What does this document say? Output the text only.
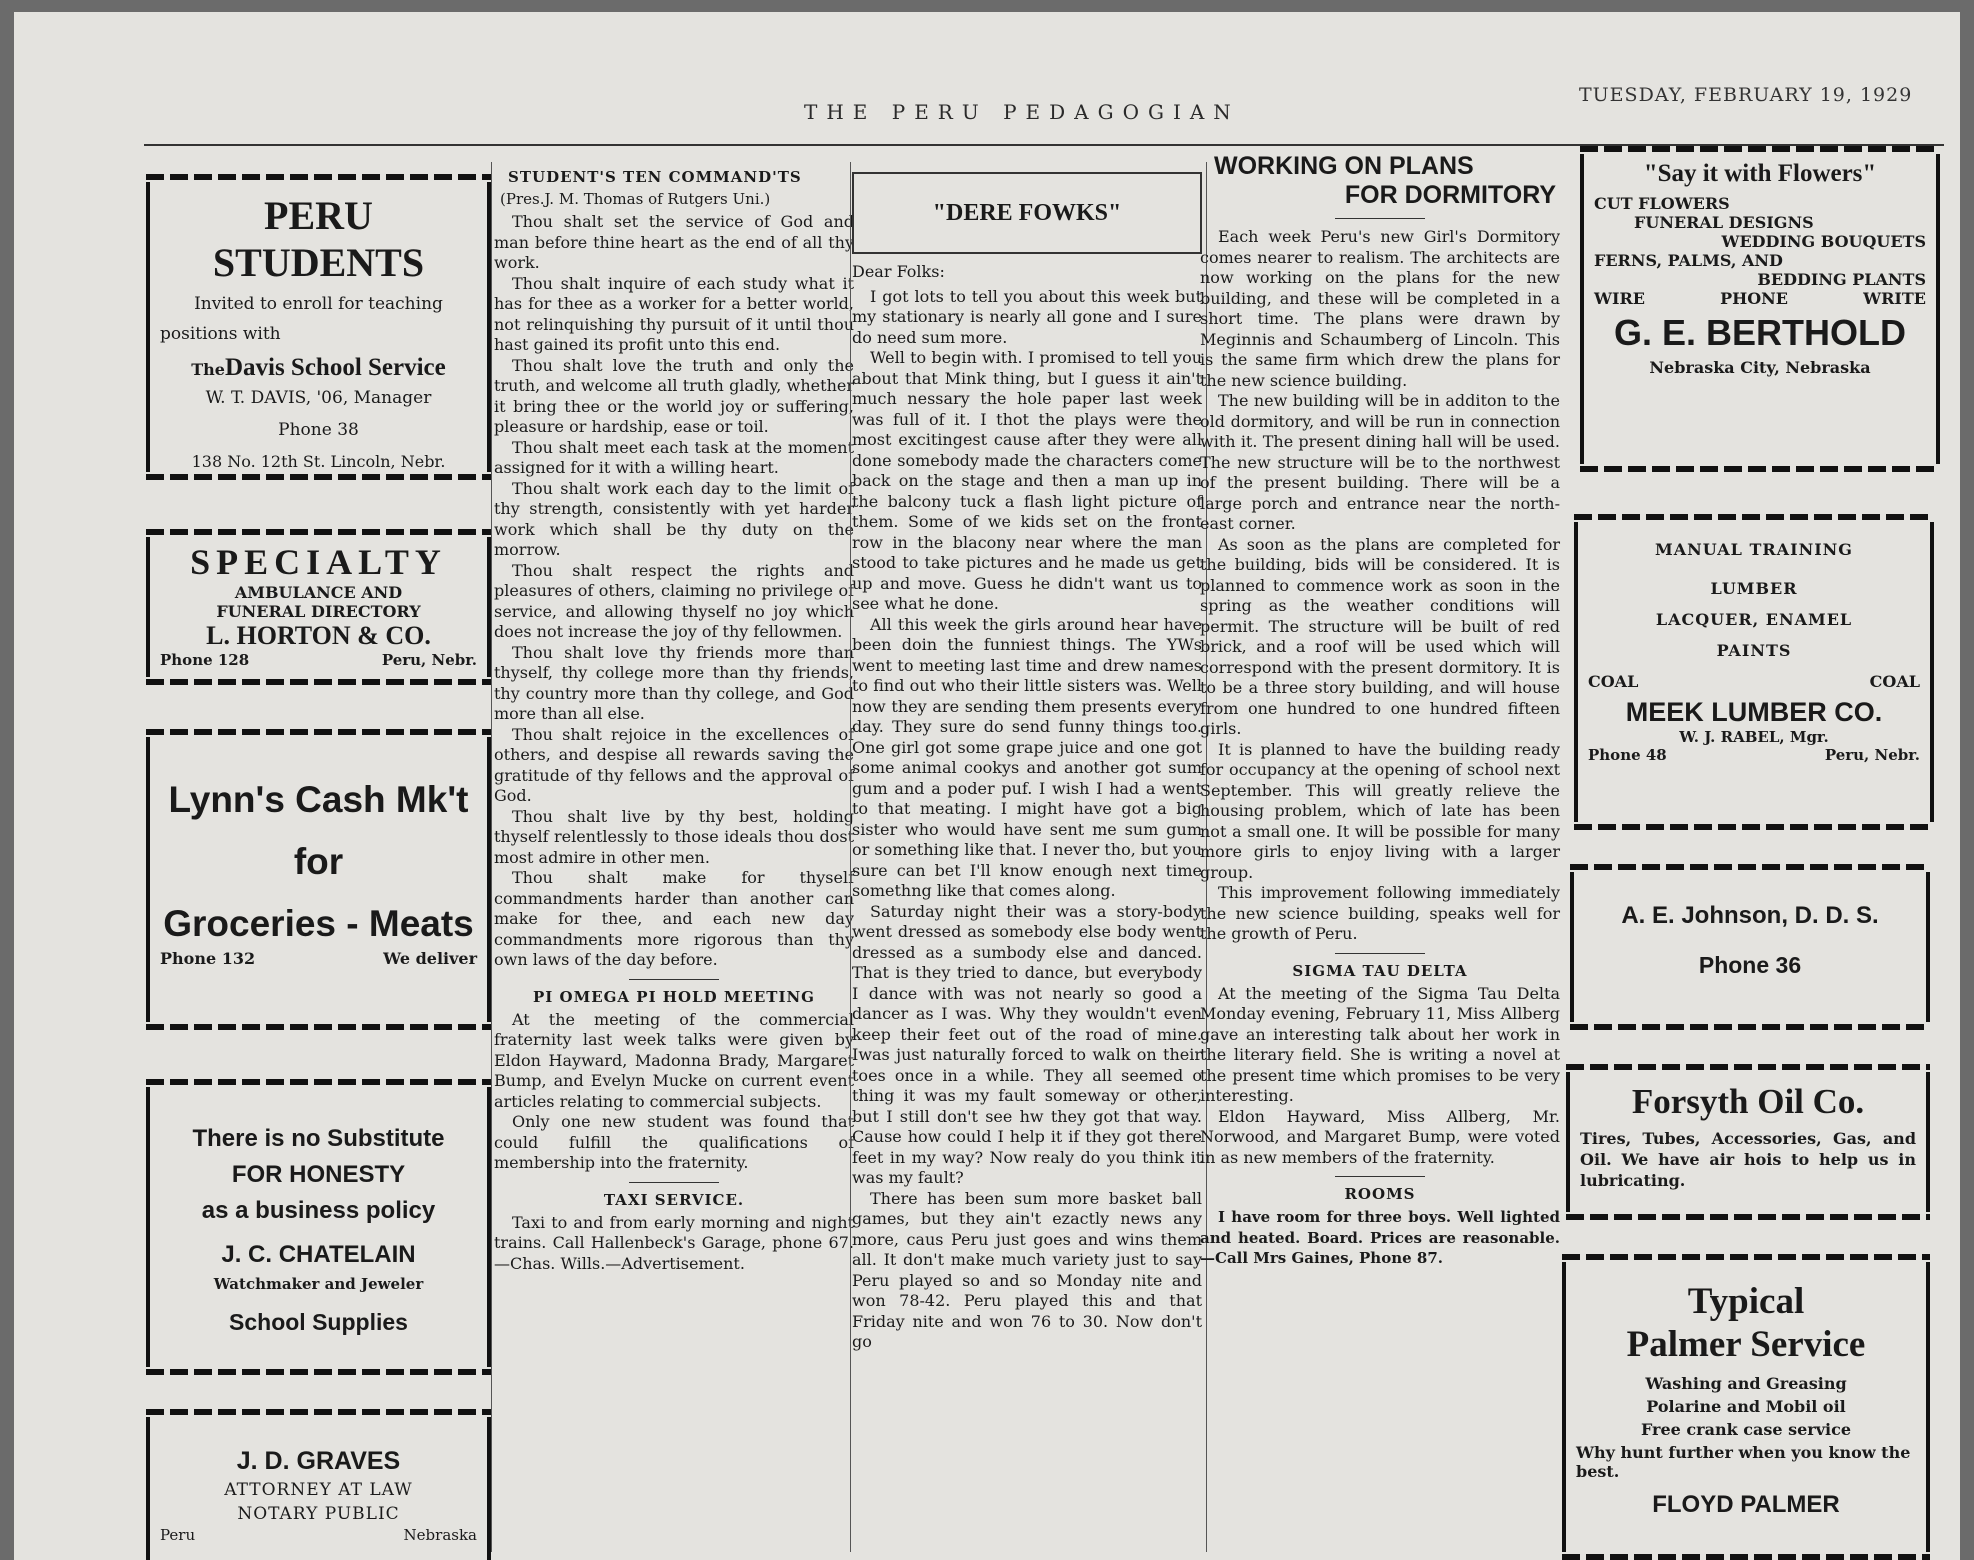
THE PERU PEDAGOGIAN
TUESDAY, FEBRUARY 19, 1929
PERU STUDENTS
Invited to enroll for teaching
positions with
TheDavis School Service
W. T. DAVIS, '06, Manager
Phone 38
138 No. 12th St. Lincoln, Nebr.
SPECIALTY
AMBULANCE AND
FUNERAL DIRECTORY
L. HORTON & CO.
Phone 128	Peru, Nebr.
Lynn's Cash Mk't
for
Groceries - Meats
Phone 132	We deliver
There is no Substitute
FOR HONESTY
as a business policy
J. C. CHATELAIN
Watchmaker and Jeweler
School Supplies
J. D. GRAVES
ATTORNEY AT LAW
NOTARY PUBLIC
Peru	Nebraska
STUDENT'S TEN COMMAND'TS
(Pres.J. M. Thomas of Rutgers Uni.)

Thou shalt set the service of God and man before thine heart as the end of all thy work.

Thou shalt inquire of each study what it has for thee as a worker for a better world, not relinquishing thy pursuit of it until thou hast gained its profit unto this end.

Thou shalt love the truth and only the truth, and welcome all truth gladly, whether it bring thee or the world joy or suffering, pleasure or hardship, ease or toil.

Thou shalt meet each task at the moment assigned for it with a willing heart.

Thou shalt work each day to the limit of thy strength, consistently with yet harder work which shall be thy duty on the morrow.

Thou shalt respect the rights and pleasures of others, claiming no privilege of service, and allowing thyself no joy which does not increase the joy of thy fellowmen.

Thou shalt love thy friends more than thyself, thy college more than thy friends, thy country more than thy college, and God more than all else.

Thou shalt rejoice in the excellences of others, and despise all rewards saving the gratitude of thy fellows and the approval of God.

Thou shalt live by thy best, holding thyself relentlessly to those ideals thou dost most admire in other men.

Thou shalt make for thyself commandments harder than another can make for thee, and each new day commandments more rigorous than thy own laws of the day before.

PI OMEGA PI HOLD MEETING

At the meeting of the commercial fraternity last week talks were given by Eldon Hayward, Madonna Brady, Margaret Bump, and Evelyn Mucke on current event articles relating to commercial subjects.

Only one new student was found that could fulfill the qualifications of membership into the fraternity.

TAXI SERVICE.

Taxi to and from early morning and night trains. Call Hallenbeck's Garage, phone 67.—Chas. Wills.—Advertisement.

"DERE FOWKS"
Dear Folks:

I got lots to tell you about this week but my stationary is nearly all gone and I sure do need sum more.

Well to begin with. I promised to tell you about that Mink thing, but I guess it ain't much nessary the hole paper last week was full of it. I thot the plays were the most excitingest cause after they were all done somebody made the characters come back on the stage and then a man up in the balcony tuck a flash light picture of them. Some of we kids set on the front row in the blacony near where the man stood to take pictures and he made us get up and move. Guess he didn't want us to see what he done.

All this week the girls around hear have been doin the funniest things. The YWs went to meeting last time and drew names to find out who their little sisters was. Well now they are sending them presents every day. They sure do send funny things too. One girl got some grape juice and one got some animal cookys and another got sum gum and a poder puf. I wish I had a went to that meating. I might have got a big sister who would have sent me sum gum or something like that. I never tho, but you sure can bet I'll know enough next time somethng like that comes along.

Saturday night their was a story-body went dressed as somebody else body went dressed as a sumbody else and danced. That is they tried to dance, but everybody I dance with was not nearly so good a dancer as I was. Why they wouldn't even keep their feet out of the road of mine. Iwas just naturally forced to walk on their toes once in a while. They all seemed o thing it was my fault someway or other, but I still don't see hw they got that way. Cause how could I help it if they got there feet in my way? Now realy do you think it was my fault?

There has been sum more basket ball games, but they ain't ezactly news any more, caus Peru just goes and wins them all. It don't make much variety just to say Peru played so and so Monday nite and won 78-42. Peru played this and that Friday nite and won 76 to 30. Now don't go

WORKING ON PLANS
FOR DORMITORY

Each week Peru's new Girl's Dormitory comes nearer to realism. The architects are now working on the plans for the new building, and these will be completed in a short time. The plans were drawn by Meginnis and Schaumberg of Lincoln. This is the same firm which drew the plans for the new science building.

The new building will be in additon to the old dormitory, and will be run in connection with it. The present dining hall will be used. The new structure will be to the northwest of the present building. There will be a large porch and entrance near the north-east corner.

As soon as the plans are completed for the building, bids will be considered. It is planned to commence work as soon in the spring as the weather conditions will permit. The structure will be built of red brick, and a roof will be used which will correspond with the present dormitory. It is to be a three story building, and will house from one hundred to one hundred fifteen girls.

It is planned to have the building ready for occupancy at the opening of school next September. This will greatly relieve the housing problem, which of late has been not a small one. It will be possible for many more girls to enjoy living with a larger group.

This improvement following immediately the new science building, speaks well for the growth of Peru.

SIGMA TAU DELTA

At the meeting of the Sigma Tau Delta Monday evening, February 11, Miss Allberg gave an interesting talk about her work in the literary field. She is writing a novel at the present time which promises to be very interesting.

Eldon Hayward, Miss Allberg, Mr. Norwood, and Margaret Bump, were voted in as new members of the fraternity.

ROOMS

I have room for three boys. Well lighted and heated. Board. Prices are reasonable.—Call Mrs Gaines, Phone 87.

"Say it with Flowers"
CUT FLOWERS
FUNERAL DESIGNS
WEDDING BOUQUETS
FERNS, PALMS, AND
BEDDING PLANTS
WIRE	PHONE	WRITE
G. E. BERTHOLD
Nebraska City, Nebraska
MANUAL TRAINING
LUMBER
LACQUER, ENAMEL
PAINTS
COAL	COAL
MEEK LUMBER CO.
W. J. RABEL, Mgr.
Phone 48	Peru, Nebr.
A. E. Johnson, D. D. S.
Phone 36
Forsyth Oil Co.
Tires, Tubes, Accessories, Gas, and Oil. We have air hois to help us in lubricating.
Typical
Palmer Service
Washing and Greasing
Polarine and Mobil oil
Free crank case service
Why hunt further when you know the best.
FLOYD PALMER
